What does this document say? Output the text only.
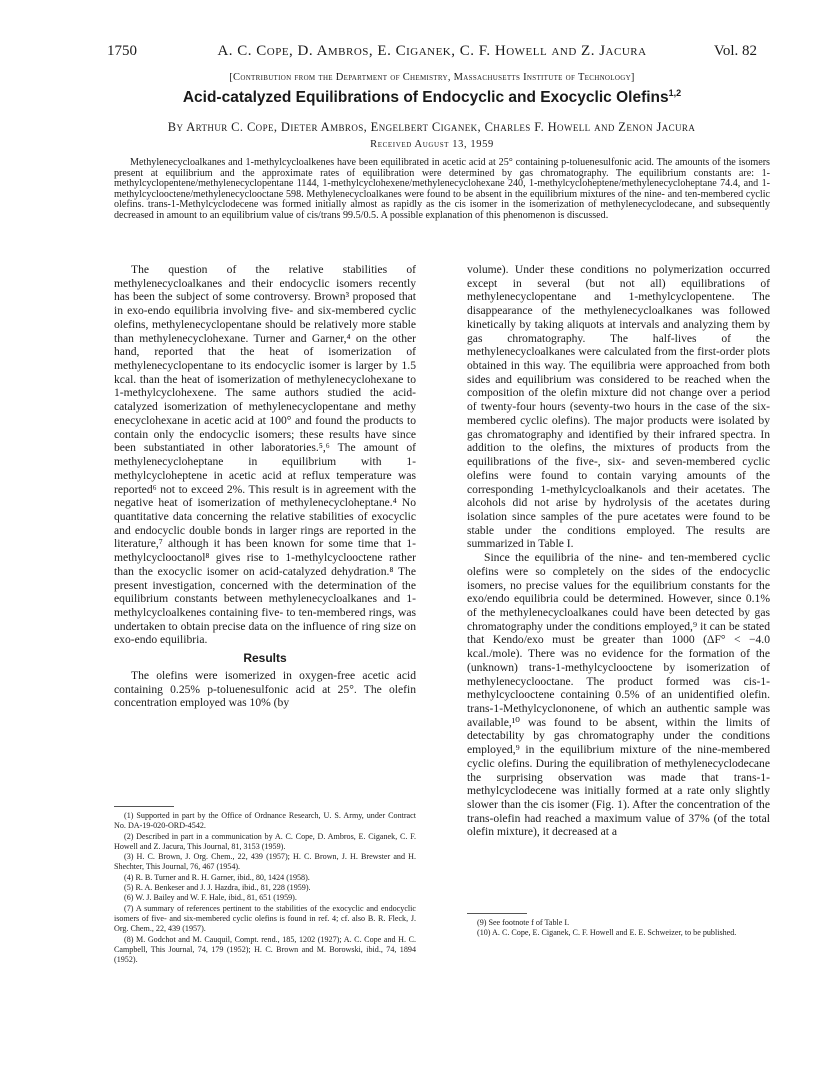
1750	A. C. Cope, D. Ambros, E. Ciganek, C. F. Howell and Z. Jacura	Vol. 82
[Contribution from the Department of Chemistry, Massachusetts Institute of Technology]
Acid-catalyzed Equilibrations of Endocyclic and Exocyclic Olefins$^{1,2}$
By Arthur C. Cope, Dieter Ambros, Engelbert Ciganek, Charles F. Howell and Zenon Jacura
Received August 13, 1959
Methylenecycloalkanes and 1-methylcycloalkenes have been equilibrated in acetic acid at 25° containing p-toluenesulfonic acid. The amounts of the isomers present at equilibrium and the approximate rates of equilibration were determined by gas chromatography. The equilibrium constants are: 1-methylcyclopentene/methylenecyclopentane 1144, 1-methylcyclohexene/methylenecyclohexane 240, 1-methylcycloheptene/methylenecycloheptane 74.4, and 1-methylcyclooctene/methylenecyclooctane 598. Methylenecycloalkanes were found to be absent in the equilibrium mixtures of the nine- and ten-membered cyclic olefins. trans-1-Methylcyclodecene was formed initially almost as rapidly as the cis isomer in the isomerization of methylenecyclodecane, and subsequently decreased in amount to an equilibrium value of cis/trans 99.5/0.5. A possible explanation of this phenomenon is discussed.

The question of the relative stabilities of methylenecycloalkanes and their endocyclic isomers recently has been the subject of some controversy. Brown³ proposed that in exo-endo equilibria involving five- and six-membered cyclic olefins, methylenecyclopentane should be relatively more stable than methylenecyclohexane. Turner and Garner,⁴ on the other hand, reported that the heat of isomerization of methylenecyclopentane to its endocyclic isomer is larger by 1.5 kcal. than the heat of isomerization of methylenecyclohexane to 1-methylcyclohexene. The same authors studied the acid-catalyzed isomerization of methylenecyclopentane and methy enecyclohexane in acetic acid at 100° and found the products to contain only the endocyclic isomers; these results have since been substantiated in other laboratories.⁵,⁶ The amount of methylenecycloheptane in equilibrium with 1-methylcycloheptene in acetic acid at reflux temperature was reported⁶ not to exceed 2%. This result is in agreement with the negative heat of isomerization of methylenecycloheptane.⁴ No quantitative data concerning the relative stabilities of exocyclic and endocyclic double bonds in larger rings are reported in the literature,⁷ although it has been known for some time that 1-methylcyclooctanol⁸ gives rise to 1-methylcyclooctene rather than the exocyclic isomer on acid-catalyzed dehydration.⁸ The present investigation, concerned with the determination of the equilibrium constants between methylenecycloalkanes and 1-methylcycloalkenes containing five- to ten-membered rings, was undertaken to obtain precise data on the influence of ring size on exo-endo equilibria.

Results

The olefins were isomerized in oxygen-free acetic acid containing 0.25% p-toluenesulfonic acid at 25°. The olefin concentration employed was 10% (by

volume). Under these conditions no polymerization occurred except in several (but not all) equilibrations of methylenecyclopentane and 1-methylcyclopentene. The disappearance of the methylenecycloalkanes was followed kinetically by taking aliquots at intervals and analyzing them by gas chromatography. The half-lives of the methylenecycloalkanes were calculated from the first-order plots obtained in this way. The equilibria were approached from both sides and equilibrium was considered to be reached when the composition of the olefin mixture did not change over a period of twenty-four hours (seventy-two hours in the case of the six-membered cyclic olefins). The major products were isolated by gas chromatography and identified by their infrared spectra. In addition to the olefins, the mixtures of products from the equilibrations of the five-, six- and seven-membered cyclic olefins were found to contain varying amounts of the corresponding 1-methylcycloalkanols and their acetates. The alcohols did not arise by hydrolysis of the acetates during isolation since samples of the pure acetates were found to be stable under the conditions employed. The results are summarized in Table I.

Since the equilibria of the nine- and ten-membered cyclic olefins were so completely on the sides of the endocyclic isomers, no precise values for the equilibrium constants for the exo/endo equilibria could be determined. However, since 0.1% of the methylenecycloalkanes could have been detected by gas chromatography under the conditions employed,⁹ it can be stated that Kendo/exo must be greater than 1000 (ΔF° < −4.0 kcal./mole). There was no evidence for the formation of the (unknown) trans-1-methylcyclooctene by isomerization of methylenecyclooctane. The product formed was cis-1-methylcyclooctene containing 0.5% of an unidentified olefin. trans-1-Methylcyclononene, of which an authentic sample was available,¹⁰ was found to be absent, within the limits of detectability by gas chromatography under the conditions employed,⁹ in the equilibrium mixture of the nine-membered cyclic olefins. During the equilibration of methylenecyclodecane the surprising observation was made that trans-1-methylcyclodecene was initially formed at a rate only slightly slower than the cis isomer (Fig. 1). After the concentration of the trans-olefin had reached a maximum value of 37% (of the total olefin mixture), it decreased at a

(1) Supported in part by the Office of Ordnance Research, U. S. Army, under Contract No. DA-19-020-ORD-4542.

(2) Described in part in a communication by A. C. Cope, D. Ambros, E. Ciganek, C. F. Howell and Z. Jacura, This Journal, 81, 3153 (1959).

(3) H. C. Brown, J. Org. Chem., 22, 439 (1957); H. C. Brown, J. H. Brewster and H. Shechter, This Journal, 76, 467 (1954).

(4) R. B. Turner and R. H. Garner, ibid., 80, 1424 (1958).

(5) R. A. Benkeser and J. J. Hazdra, ibid., 81, 228 (1959).

(6) W. J. Bailey and W. F. Hale, ibid., 81, 651 (1959).

(7) A summary of references pertinent to the stabilities of the exocyclic and endocyclic isomers of five- and six-membered cyclic olefins is found in ref. 4; cf. also B. R. Fleck, J. Org. Chem., 22, 439 (1957).

(8) M. Godchot and M. Cauquil, Compt. rend., 185, 1202 (1927); A. C. Cope and H. C. Campbell, This Journal, 74, 179 (1952); H. C. Brown and M. Borowski, ibid., 74, 1894 (1952).

(9) See footnote f of Table I.

(10) A. C. Cope, E. Ciganek, C. F. Howell and E. E. Schweizer, to be published.
